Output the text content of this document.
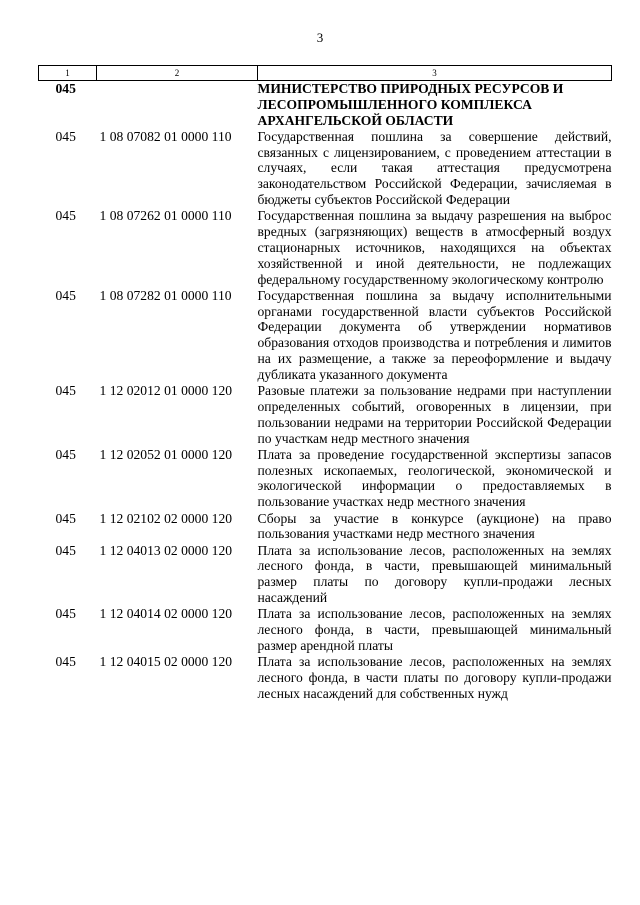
3
1	2	3
045		МИНИСТЕРСТВО ПРИРОДНЫХ РЕСУРСОВ И ЛЕСОПРОМЫШЛЕННОГО КОМПЛЕКСА АРХАНГЕЛЬСКОЙ ОБЛАСТИ
045	1 08 07082 01 0000 110	Государственная пошлина за совершение действий, связанных с лицензированием, с проведением аттестации в случаях, если такая аттестация предусмотрена законодательством Российской Федерации, зачисляемая в бюджеты субъектов Российской Федерации
045	1 08 07262 01 0000 110	Государственная пошлина за выдачу разрешения на выброс вредных (загрязняющих) веществ в атмосферный воздух стационарных источников, находящихся на объектах хозяйственной и иной деятельности, не подлежащих федеральному государственному экологическому контролю
045	1 08 07282 01 0000 110	Государственная пошлина за выдачу исполнительными органами государственной власти субъектов Российской Федерации документа об утверждении нормативов образования отходов производства и потребления и лимитов на их размещение, а также за переоформление и выдачу дубликата указанного документа
045	1 12 02012 01 0000 120	Разовые платежи за пользование недрами при наступлении определенных событий, оговоренных в лицензии, при пользовании недрами на территории Российской Федерации по участкам недр местного значения
045	1 12 02052 01 0000 120	Плата за проведение государственной экспертизы запасов полезных ископаемых, геологической, экономической и экологической информации о предоставляемых в пользование участках недр местного значения
045	1 12 02102 02 0000 120	Сборы за участие в конкурсе (аукционе) на право пользования участками недр местного значения
045	1 12 04013 02 0000 120	Плата за использование лесов, расположенных на землях лесного фонда, в части, превышающей минимальный размер платы по договору купли-продажи лесных насаждений
045	1 12 04014 02 0000 120	Плата за использование лесов, расположенных на землях лесного фонда, в части, превышающей минимальный размер арендной платы
045	1 12 04015 02 0000 120	Плата за использование лесов, расположенных на землях лесного фонда, в части платы по договору купли-продажи лесных насаждений для собственных нужд
